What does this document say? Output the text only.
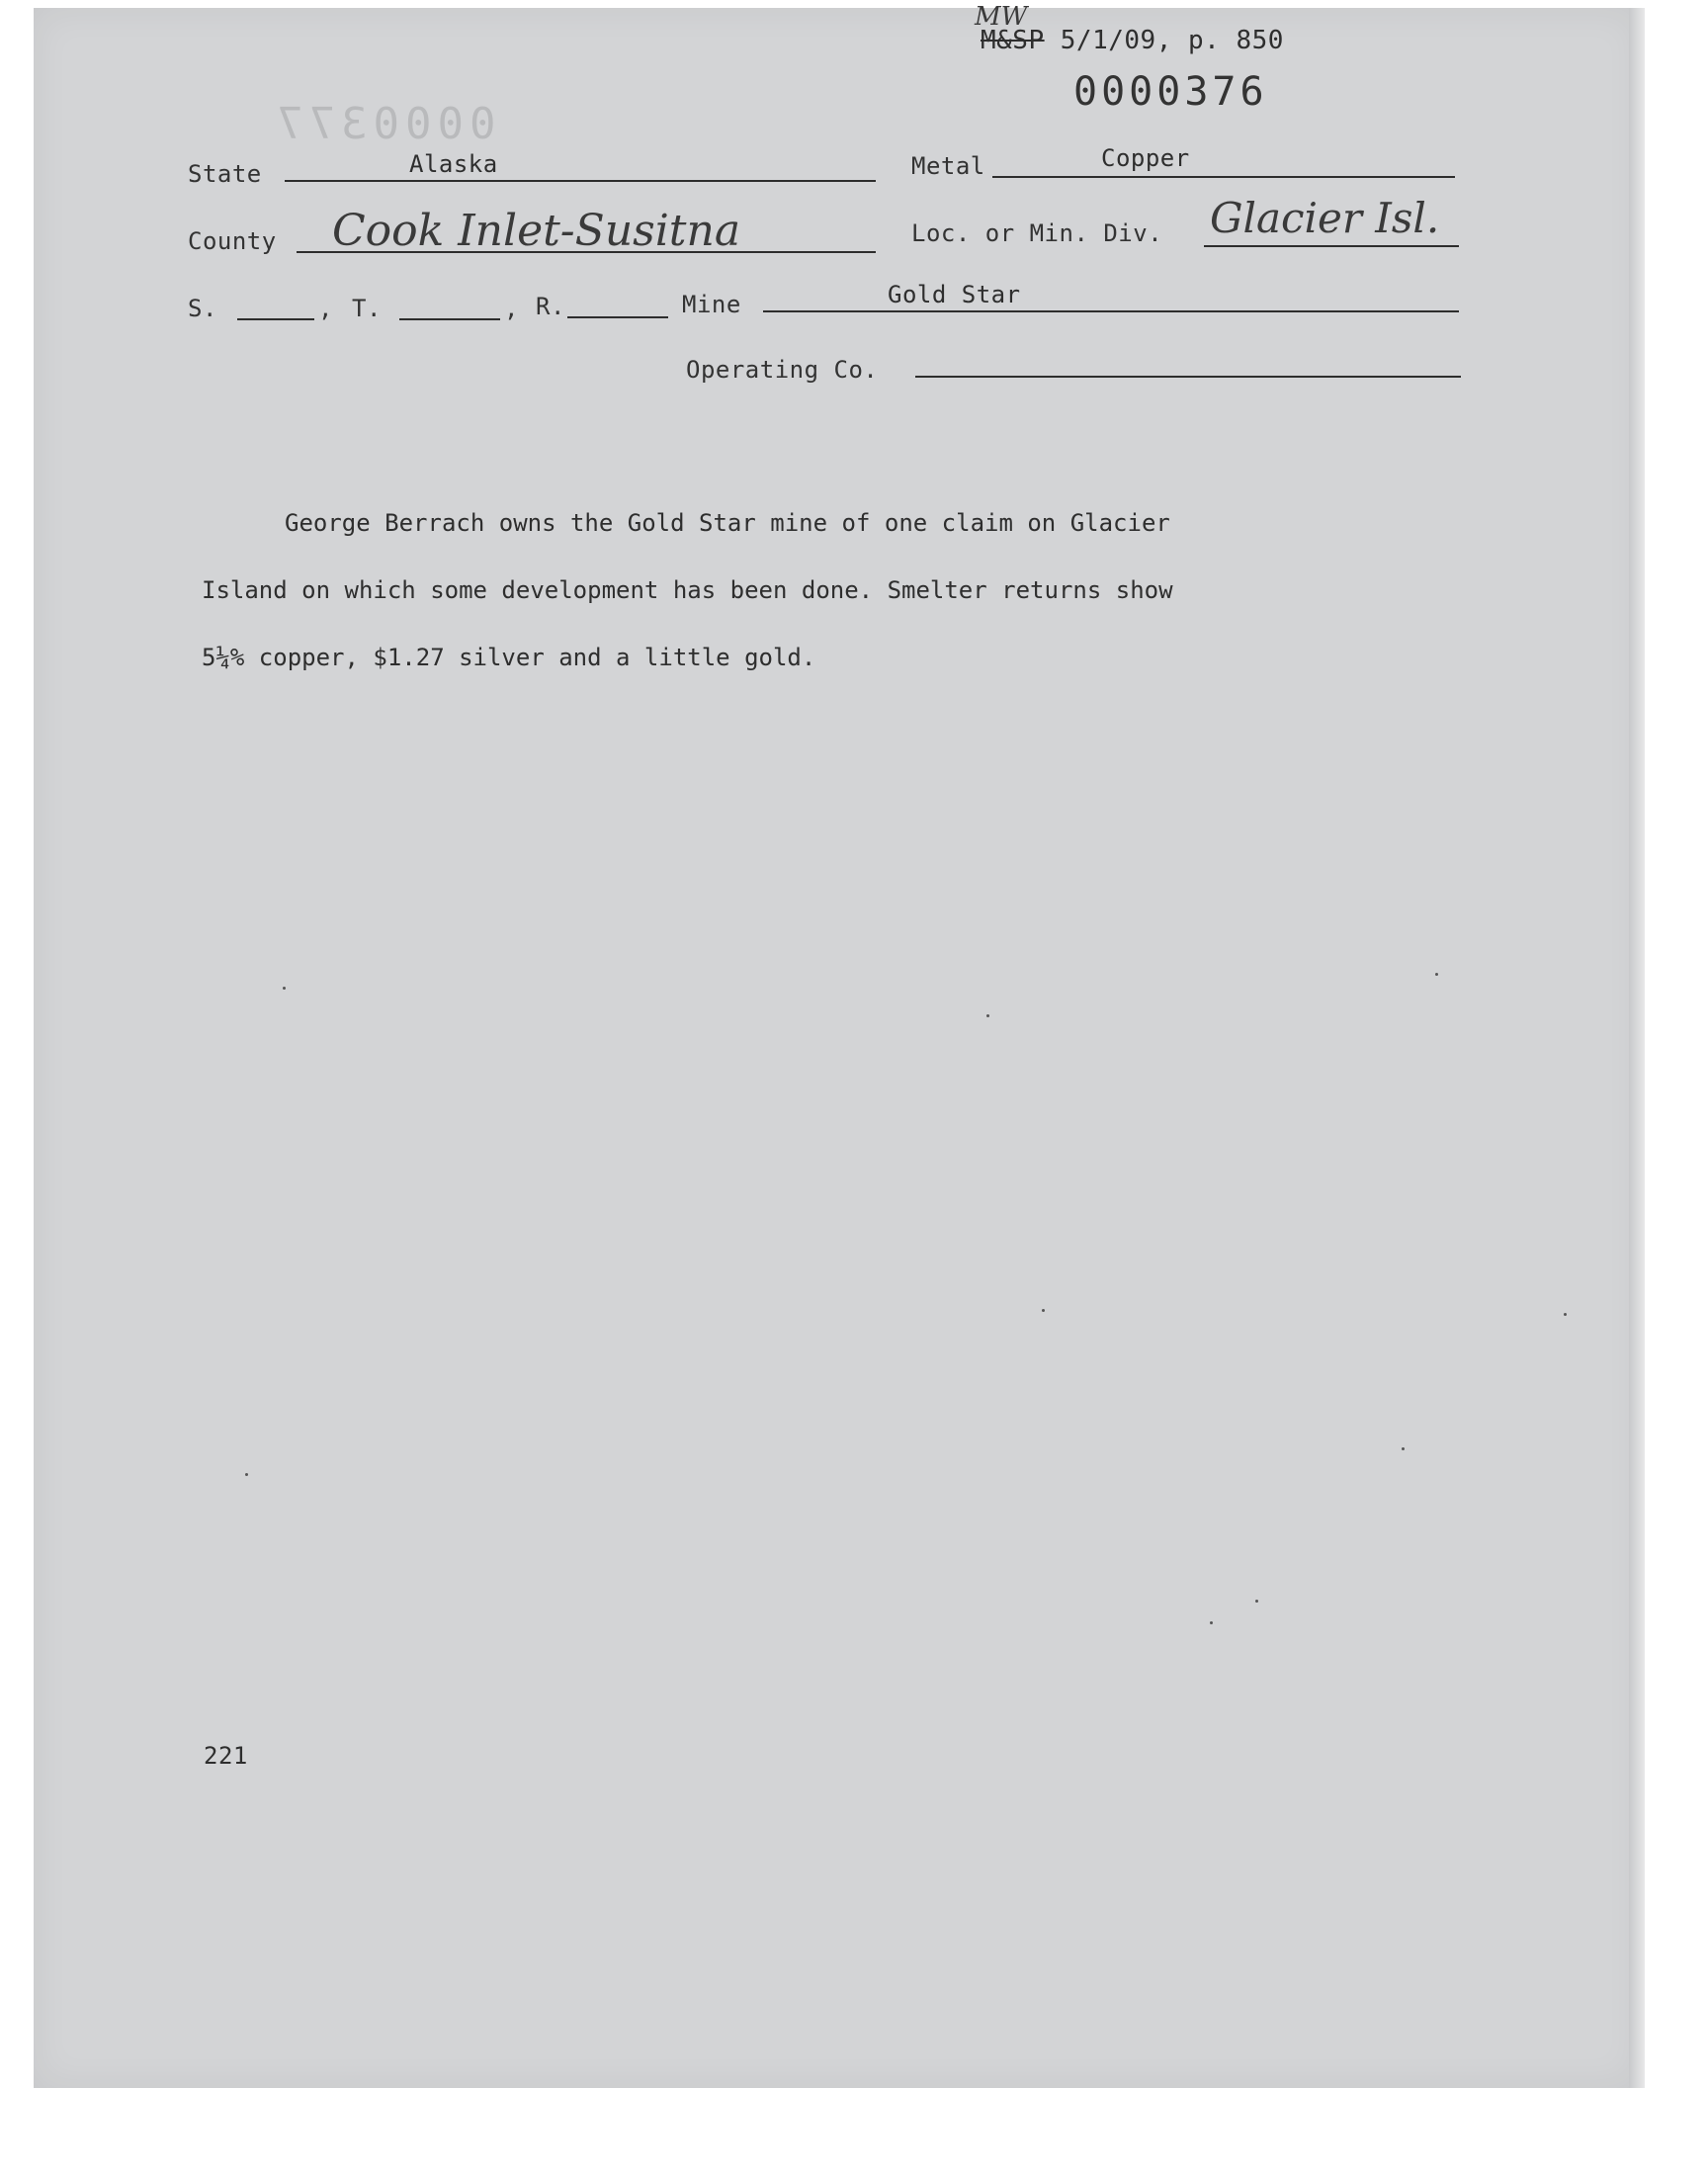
MW
M&SP 5/1/09, p. 850
0000376
0000377
State	Alaska	Metal	Copper
County Cook Inlet-Susitna	Loc. or Min. Div. Glacier Isl.
S.	, T.	, R.	Mine	Gold Star
Operating Co.

George Berrach owns the Gold Star mine of one claim on Glacier

Island on which some development has been done. Smelter returns show

5¼% copper, $1.27 silver and a little gold.

221
